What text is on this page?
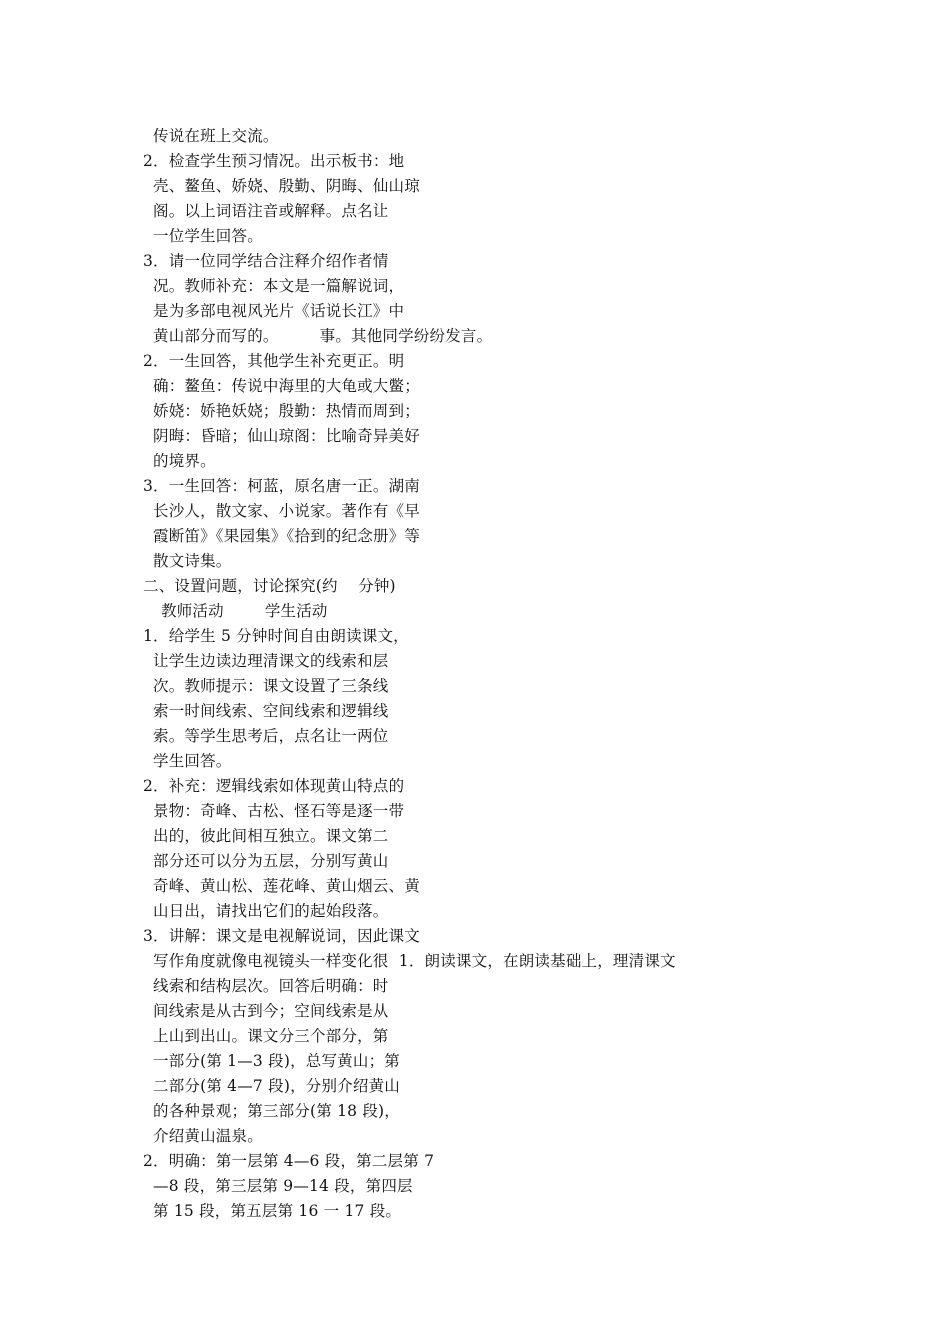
传说在班上交流。
2．检查学生预习情况。出示板书：地
壳、鳌鱼、娇娆、殷勤、阴晦、仙山琼
阁。以上词语注音或解释。点名让
一位学生回答。
3．请一位同学结合注释介绍作者情
况。教师补充：本文是一篇解说词，
是为多部电视风光片《话说长江》中
黄山部分而写的。        事。其他同学纷纷发言。
2．一生回答，其他学生补充更正。明
确：鳌鱼：传说中海里的大龟或大鳖；
娇娆：娇艳妖娆；殷勤：热情而周到；
阴晦：昏暗；仙山琼阁：比喻奇异美好
的境界。
3．一生回答：柯蓝，原名唐一正。湖南
长沙人，散文家、小说家。著作有《早
霞断笛》《果园集》《拾到的纪念册》等
散文诗集。
二、设置问题，讨论探究(约    分钟)
教师活动        学生活动
1．给学生 5 分钟时间自由朗读课文，
让学生边读边理清课文的线索和层
次。教师提示：课文设置了三条线
索一时间线索、空间线索和逻辑线
索。等学生思考后，点名让一两位
学生回答。
2．补充：逻辑线索如体现黄山特点的
景物：奇峰、古松、怪石等是逐一带
出的，彼此间相互独立。课文第二
部分还可以分为五层，分别写黄山
奇峰、黄山松、莲花峰、黄山烟云、黄
山日出，请找出它们的起始段落。
3．讲解：课文是电视解说词，因此课文
写作角度就像电视镜头一样变化很  1．朗读课文，在朗读基础上，理清课文
线索和结构层次。回答后明确：时
间线索是从古到今；空间线索是从
上山到出山。课文分三个部分，第
一部分(第 1—3 段)，总写黄山；第
二部分(第 4—7 段)，分别介绍黄山
的各种景观；第三部分(第 18 段)，
介绍黄山温泉。
2．明确：第一层第 4—6 段，第二层第 7
—8 段，第三层第 9—14 段，第四层
第 15 段，第五层第 16 一 17 段。
